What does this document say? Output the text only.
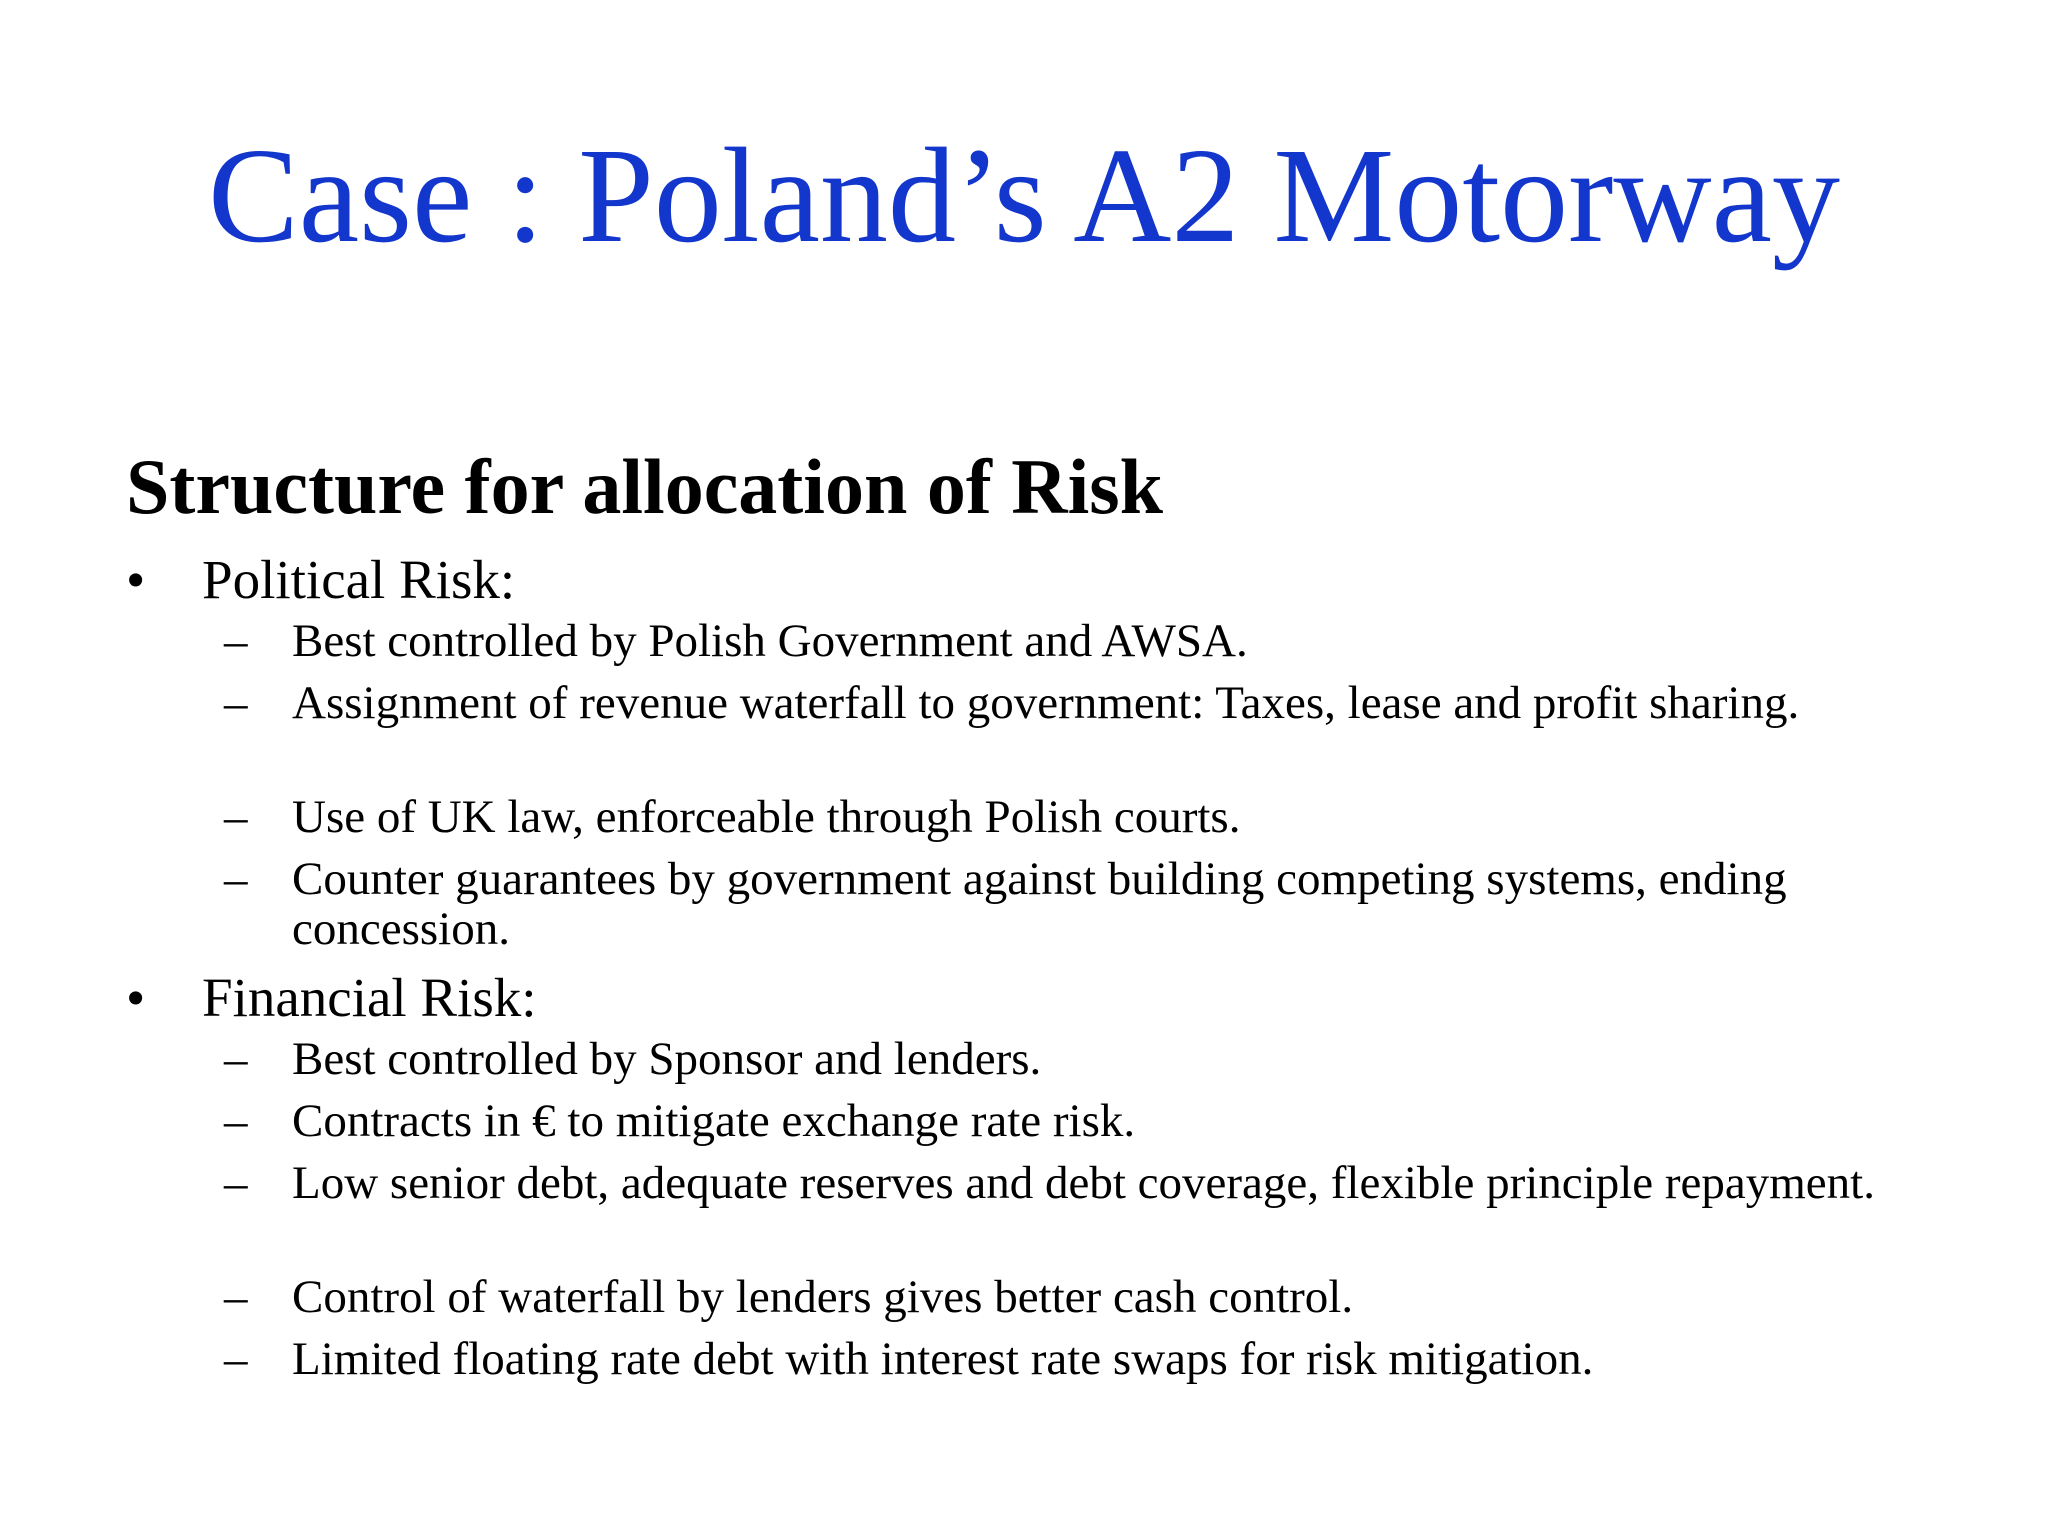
Case : Poland’s A2 Motorway
Structure for allocation of Risk
•	Political Risk:
– Best controlled by Polish Government and AWSA.
– Assignment of revenue waterfall to government: Taxes, lease and profit sharing.
– Use of UK law, enforceable through Polish courts.
– Counter guarantees by government against building competing systems, ending concession.
•	Financial Risk:
– Best controlled by Sponsor and lenders.
– Contracts in € to mitigate exchange rate risk.
– Low senior debt, adequate reserves and debt coverage, flexible principle repayment.
– Control of waterfall by lenders gives better cash control.
– Limited floating rate debt with interest rate swaps for risk mitigation.
